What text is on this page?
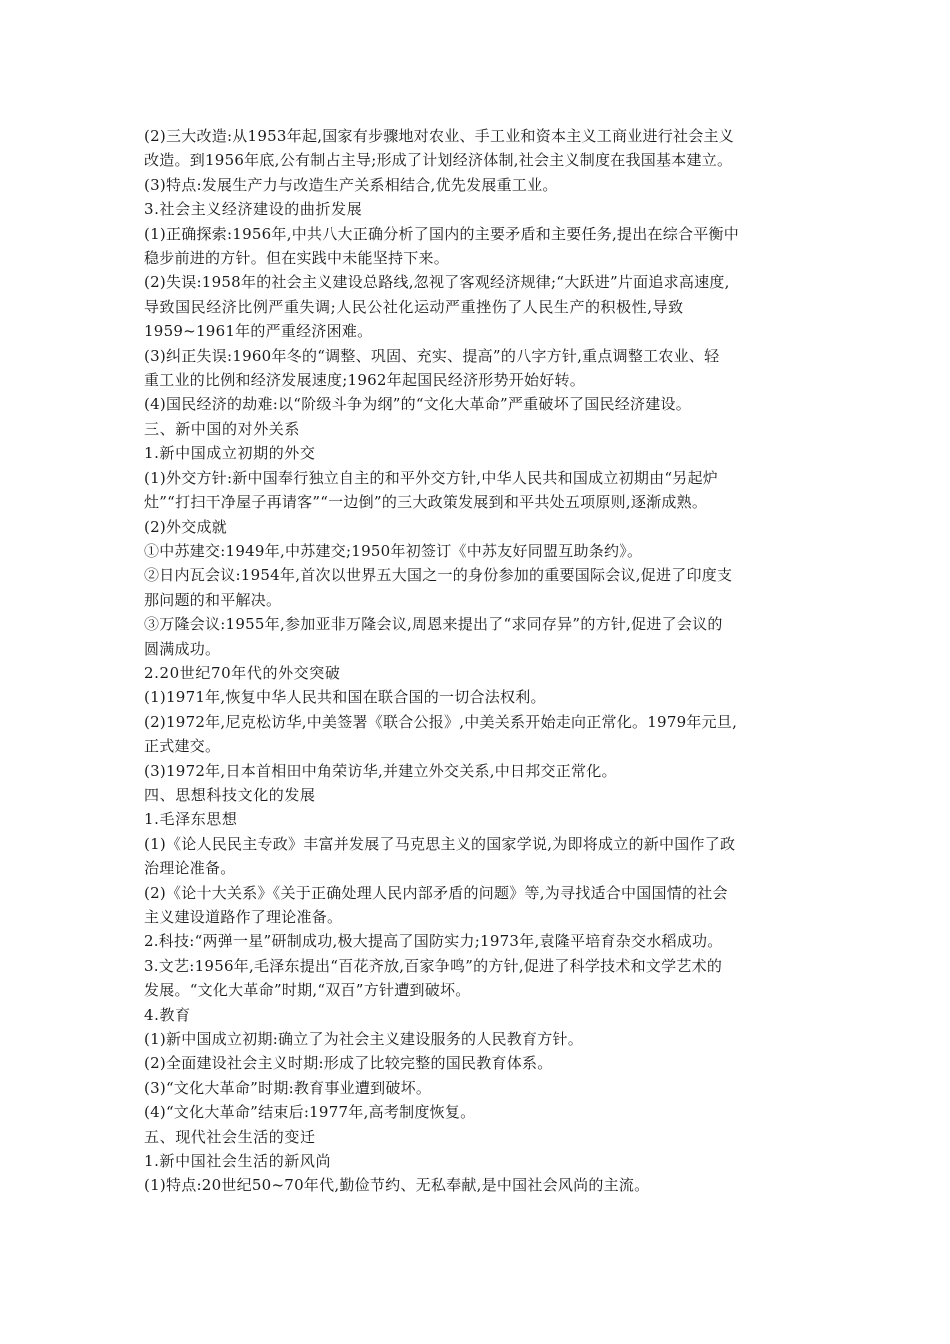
(2)三大改造:从1953年起,国家有步骤地对农业、手工业和资本主义工商业进行社会主义
改造。到1956年底,公有制占主导;形成了计划经济体制,社会主义制度在我国基本建立。
(3)特点:发展生产力与改造生产关系相结合,优先发展重工业。
3.社会主义经济建设的曲折发展
(1)正确探索:1956年,中共八大正确分析了国内的主要矛盾和主要任务,提出在综合平衡中
稳步前进的方针。但在实践中未能坚持下来。
(2)失误:1958年的社会主义建设总路线,忽视了客观经济规律;“大跃进”片面追求高速度,
导致国民经济比例严重失调;人民公社化运动严重挫伤了人民生产的积极性,导致
1959~1961年的严重经济困难。
(3)纠正失误:1960年冬的“调整、巩固、充实、提高”的八字方针,重点调整工农业、轻
重工业的比例和经济发展速度;1962年起国民经济形势开始好转。
(4)国民经济的劫难:以“阶级斗争为纲”的“文化大革命”严重破坏了国民经济建设。
三、新中国的对外关系
1.新中国成立初期的外交
(1)外交方针:新中国奉行独立自主的和平外交方针,中华人民共和国成立初期由“另起炉
灶”“打扫干净屋子再请客”“一边倒”的三大政策发展到和平共处五项原则,逐渐成熟。
(2)外交成就
①中苏建交:1949年,中苏建交;1950年初签订《中苏友好同盟互助条约》。
②日内瓦会议:1954年,首次以世界五大国之一的身份参加的重要国际会议,促进了印度支
那问题的和平解决。
③万隆会议:1955年,参加亚非万隆会议,周恩来提出了“求同存异”的方针,促进了会议的
圆满成功。
2.20世纪70年代的外交突破
(1)1971年,恢复中华人民共和国在联合国的一切合法权利。
(2)1972年,尼克松访华,中美签署《联合公报》,中美关系开始走向正常化。1979年元旦,
正式建交。
(3)1972年,日本首相田中角荣访华,并建立外交关系,中日邦交正常化。
四、思想科技文化的发展
1.毛泽东思想
(1)《论人民民主专政》丰富并发展了马克思主义的国家学说,为即将成立的新中国作了政
治理论准备。
(2)《论十大关系》《关于正确处理人民内部矛盾的问题》等,为寻找适合中国国情的社会
主义建设道路作了理论准备。
2.科技:“两弹一星”研制成功,极大提高了国防实力;1973年,袁隆平培育杂交水稻成功。
3.文艺:1956年,毛泽东提出“百花齐放,百家争鸣”的方针,促进了科学技术和文学艺术的
发展。“文化大革命”时期,“双百”方针遭到破坏。
4.教育
(1)新中国成立初期:确立了为社会主义建设服务的人民教育方针。
(2)全面建设社会主义时期:形成了比较完整的国民教育体系。
(3)“文化大革命”时期:教育事业遭到破坏。
(4)“文化大革命”结束后:1977年,高考制度恢复。
五、现代社会生活的变迁
1.新中国社会生活的新风尚
(1)特点:20世纪50~70年代,勤俭节约、无私奉献,是中国社会风尚的主流。
